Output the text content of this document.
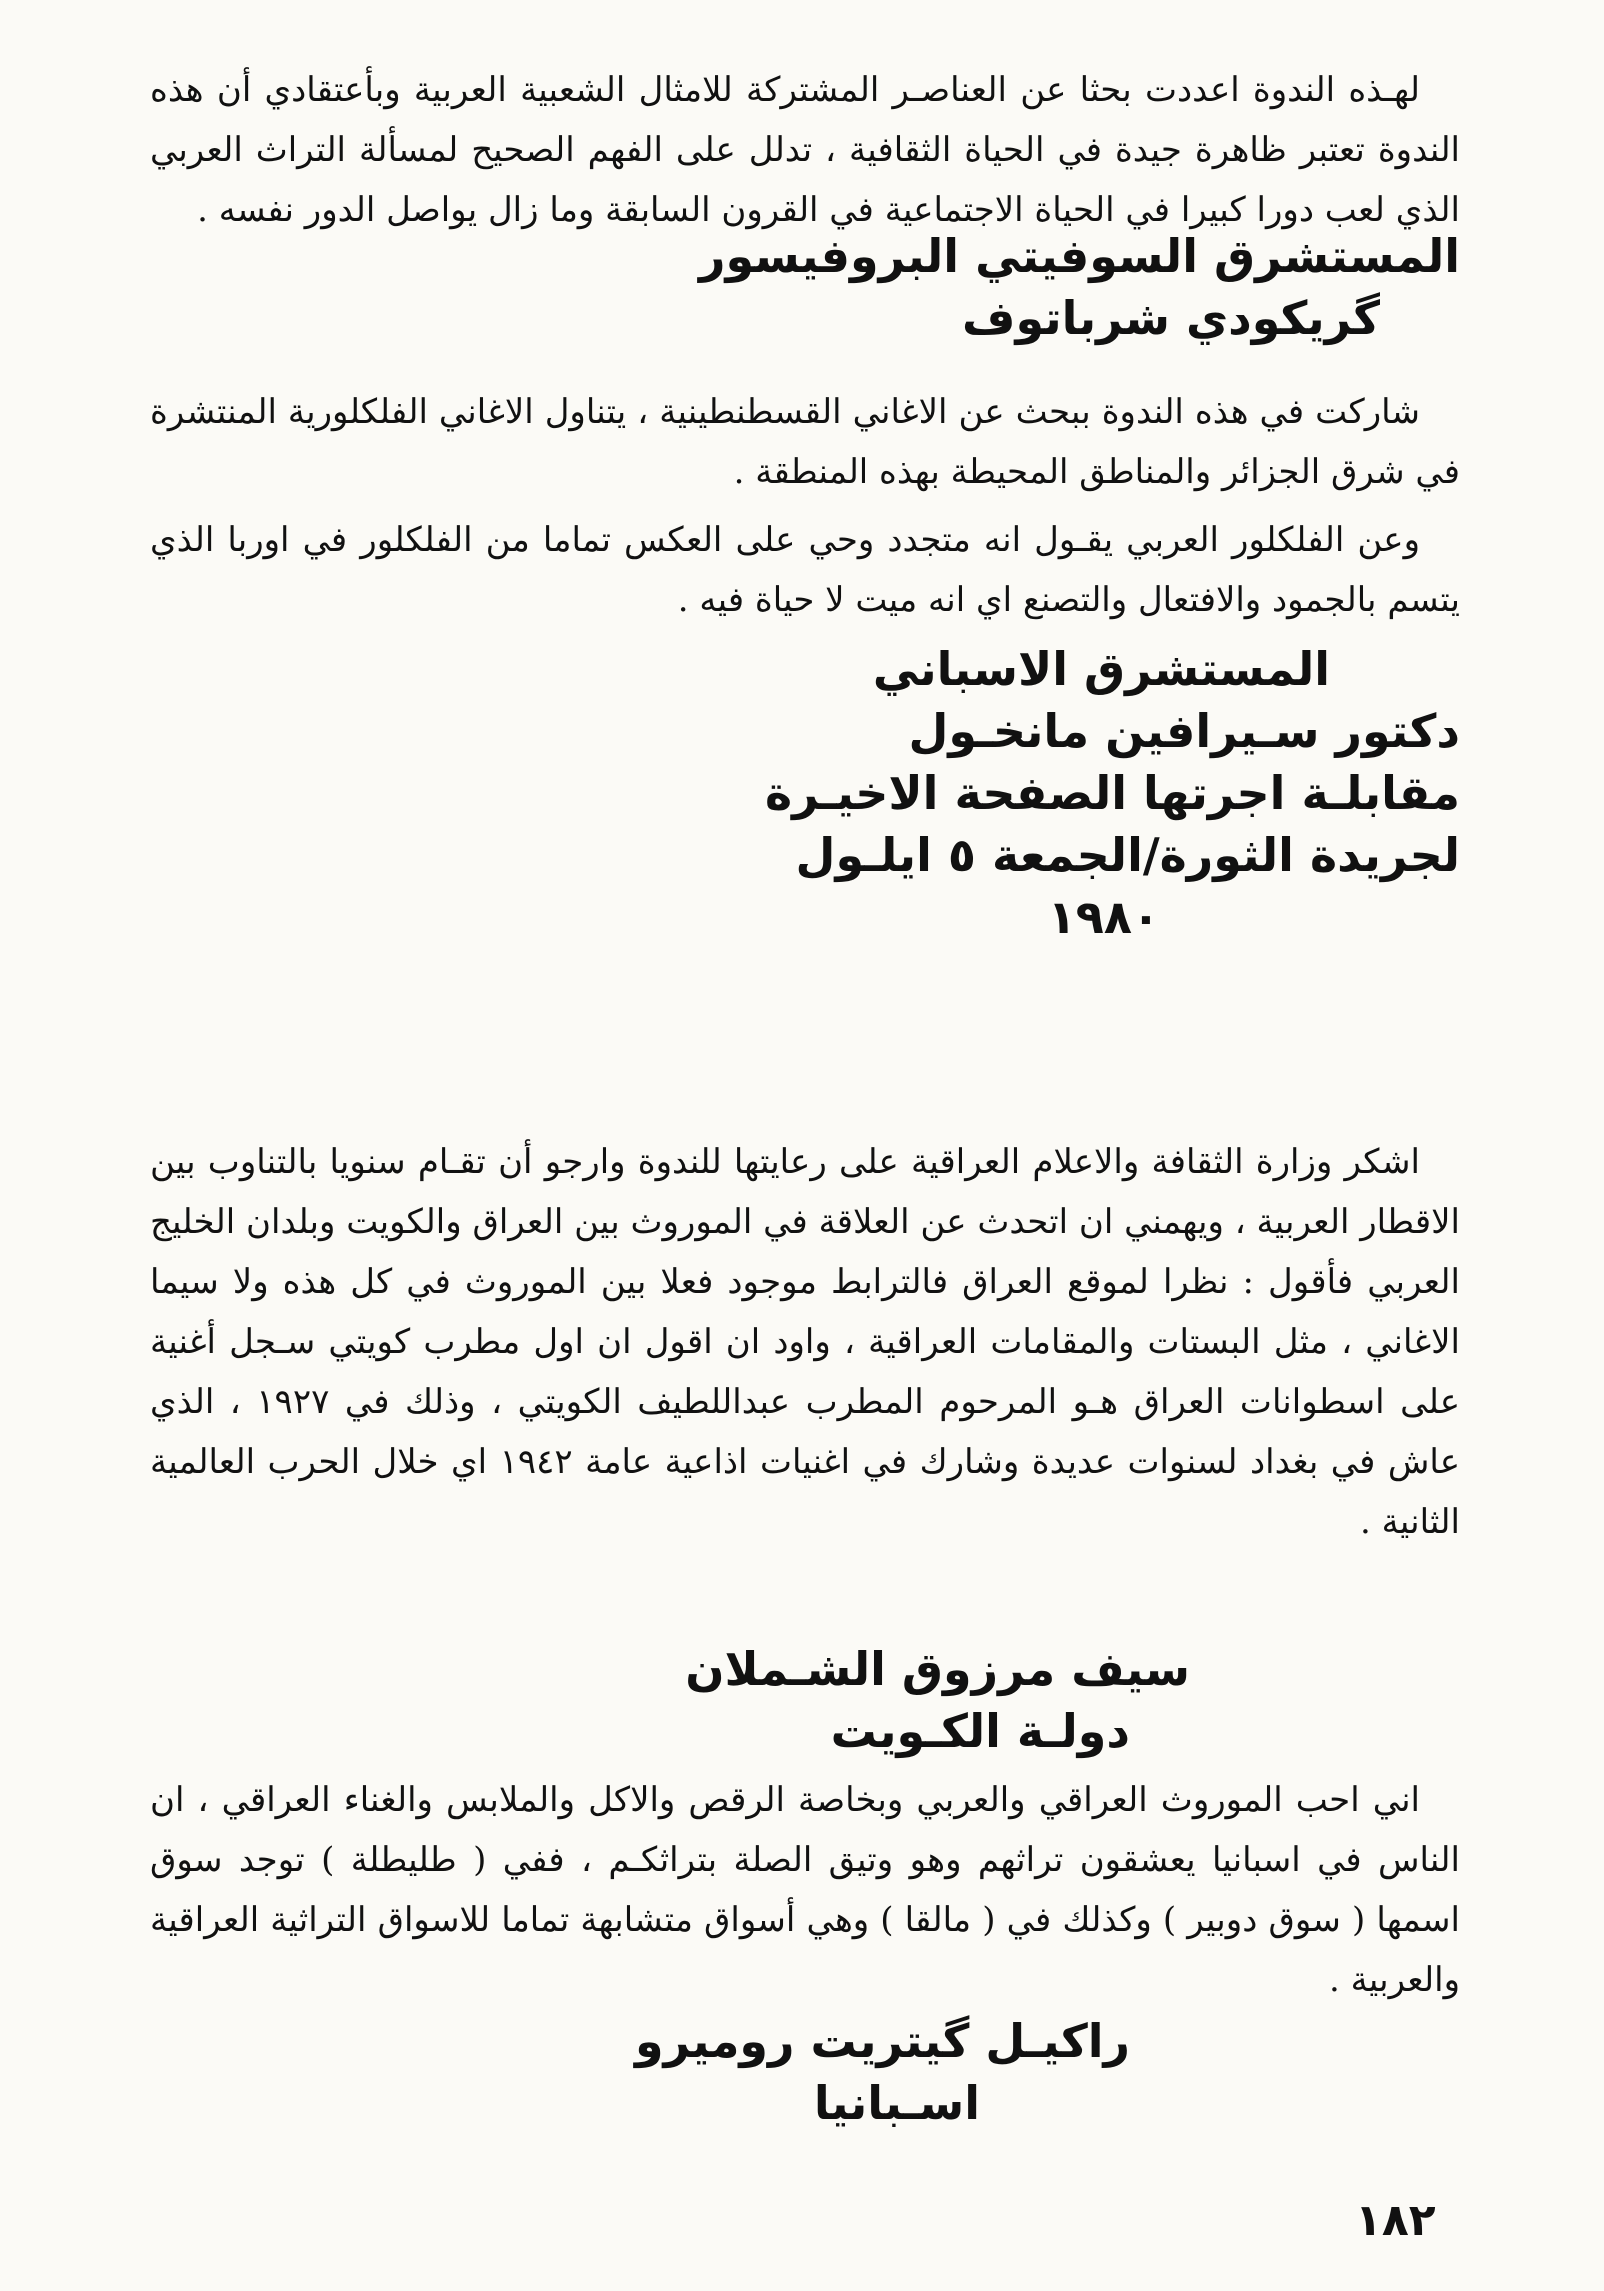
لهـذه الندوة اعددت بحثا عن العناصـر المشتركة للامثال الشعبية العربية وبأعتقادي أن هذه الندوة تعتبر ظاهرة جيدة في الحياة الثقافية ، تدلل على الفهم الصحيح لمسألة التراث العربي الذي لعب دورا كبيرا في الحياة الاجتماعية في القرون السابقة وما زال يواصل الدور نفسه .

المستشرق السوفيتي البروفيسور
گريكودي شرباتوف

شاركت في هذه الندوة ببحث عن الاغاني القسطنطينية ، يتناول الاغاني الفلكلورية المنتشرة في شرق الجزائر والمناطق المحيطة بهذه المنطقة .

وعن الفلكلور العربي يقـول انه متجدد وحي على العكس تماما من الفلكلور في اوربا الذي يتسم بالجمود والافتعال والتصنع اي انه ميت لا حياة فيه .

المستشرق الاسباني
دكتور سـيرافين مانخـول
مقابلـة اجرتها الصفحة الاخيـرة
لجريدة الثورة/الجمعة ٥ ايلـول
١٩٨٠

اشكر وزارة الثقافة والاعلام العراقية على رعايتها للندوة وارجو أن تقـام سنويا بالتناوب بين الاقطار العربية ، ويهمني ان اتحدث عن العلاقة في الموروث بين العراق والكويت وبلدان الخليج العربي فأقول : نظرا لموقع العراق فالترابط موجود فعلا بين الموروث في كل هذه ولا سيما الاغاني ، مثل البستات والمقامات العراقية ، واود ان اقول ان اول مطرب كويتي سـجل أغنية على اسطوانات العراق هـو المرحوم المطرب عبداللطيف الكويتي ، وذلك في ١٩٢٧ ، الذي عاش في بغداد لسنوات عديدة وشارك في اغنيات اذاعية عامة ١٩٤٢ اي خلال الحرب العالمية الثانية .

سيف مرزوق الشـملان
دولـة الكـويت

اني احب الموروث العراقي والعربي وبخاصة الرقص والاكل والملابس والغناء العراقي ، ان الناس في اسبانيا يعشقون تراثهم وهو وتيق الصلة بتراثكـم ، ففي ( طليطلة ) توجد سوق اسمها ( سوق دوبير ) وكذلك في ( مالقا ) وهي أسواق متشابهة تماما للاسواق التراثية العراقية والعربية .

راكيـل گيتريت روميرو
اسـبانيا
١٨٢
